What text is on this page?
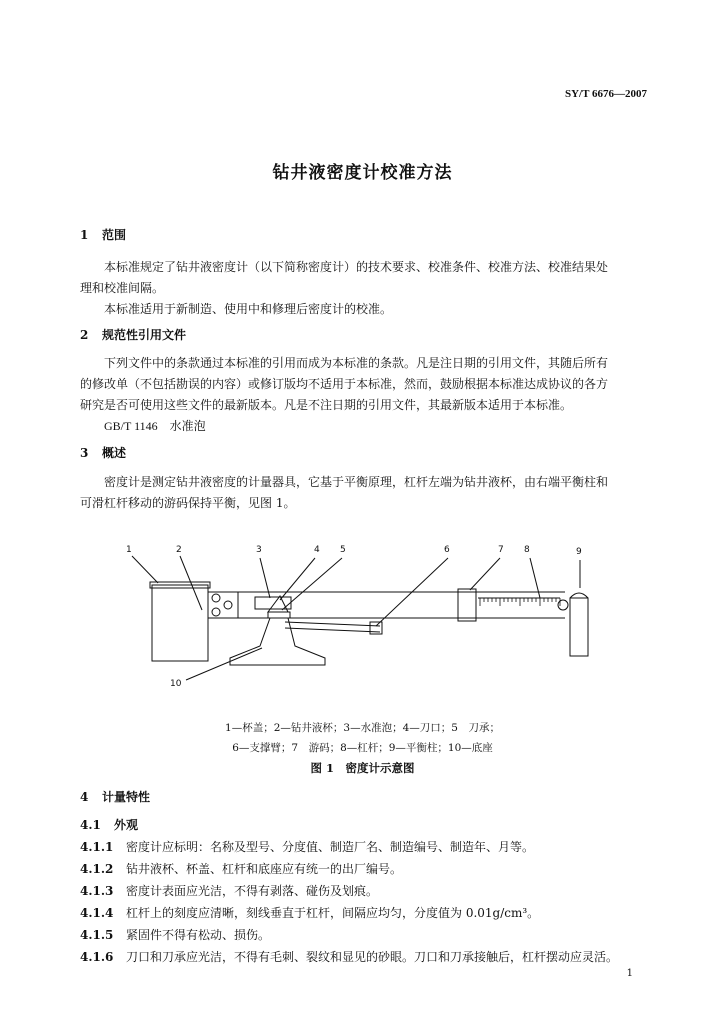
SY/T 6676—2007
钻井液密度计校准方法
1 范围
本标准规定了钻井液密度计（以下简称密度计）的技术要求、校准条件、校准方法、校准结果处
理和校准间隔。
本标准适用于新制造、使用中和修理后密度计的校准。
2 规范性引用文件
下列文件中的条款通过本标准的引用而成为本标准的条款。凡是注日期的引用文件，其随后所有
的修改单（不包括勘误的内容）或修订版均不适用于本标准，然而，鼓励根据本标准达成协议的各方
研究是否可使用这些文件的最新版本。凡是不注日期的引用文件，其最新版本适用于本标准。
GB/T 1146　水准泡
3 概述
密度计是测定钻井液密度的计量器具，它基于平衡原理，杠杆左端为钻井液杯，由右端平衡柱和
可滑杠杆移动的游码保持平衡，见图 1。
1	2	3	4 5	6	7 8	9
10
1—杯盖；2—钻井液杯；3—水准泡；4—刀口；5　刀承；
6—支撑臂；7　游码；8—杠杆；9—平衡柱；10—底座
图 1　密度计示意图
4 计量特性
4.1 外观
4.1.1 密度计应标明：名称及型号、分度值、制造厂名、制造编号、制造年、月等。
4.1.2 钻井液杯、杯盖、杠杆和底座应有统一的出厂编号。
4.1.3 密度计表面应光洁，不得有剥落、碰伤及划痕。
4.1.4 杠杆上的刻度应清晰，刻线垂直于杠杆，间隔应均匀，分度值为 0.01g/cm³。
4.1.5 紧固件不得有松动、损伤。
4.1.6 刀口和刀承应光洁，不得有毛刺、裂纹和显见的砂眼。刀口和刀承接触后，杠杆摆动应灵活。
1
